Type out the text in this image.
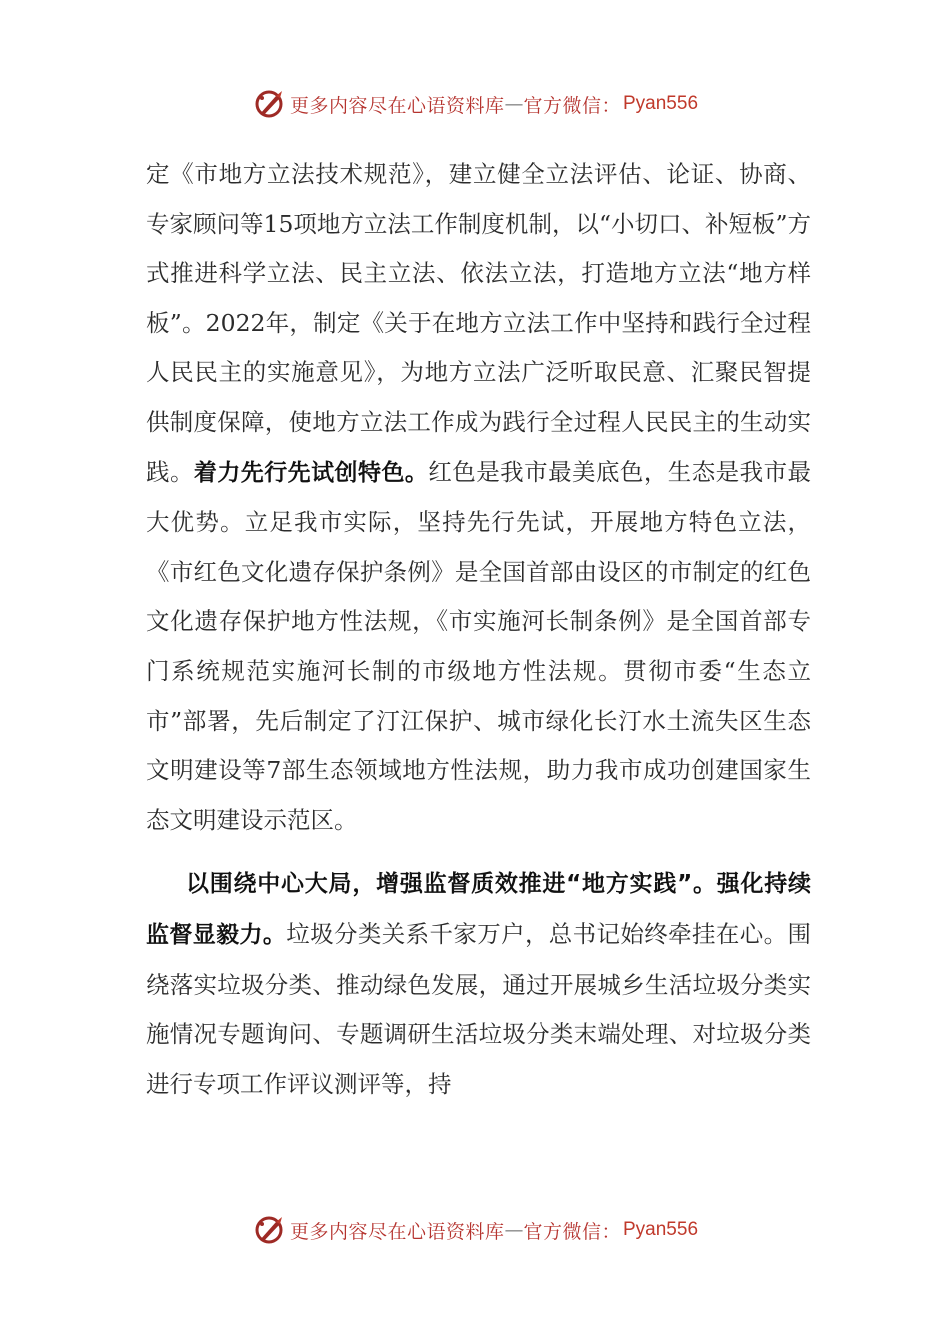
更多内容尽在心语资料库 — 官方微信： Pyan556

定《市地方立法技术规范》，建立健全立法评估、论证、协商、专家顾问等15项地方立法工作制度机制，以“小切口、补短板”方式推进科学立法、民主立法、依法立法，打造地方立法“地方样板”。2022年，制定《关于在地方立法工作中坚持和践行全过程人民民主的实施意见》，为地方立法广泛听取民意、汇聚民智提供制度保障，使地方立法工作成为践行全过程人民民主的生动实践。着力先行先试创特色。红色是我市最美底色，生态是我市最大优势。立足我市实际，坚持先行先试，开展地方特色立法，《市红色文化遗存保护条例》是全国首部由设区的市制定的红色文化遗存保护地方性法规，《市实施河长制条例》是全国首部专门系统规范实施河长制的市级地方性法规。贯彻市委“生态立市”部署，先后制定了汀江保护、城市绿化长汀水土流失区生态文明建设等7部生态领域地方性法规，助力我市成功创建国家生态文明建设示范区。

以围绕中心大局，增强监督质效推进“地方实践”。强化持续监督显毅力。垃圾分类关系千家万户，总书记始终牵挂在心。围绕落实垃圾分类、推动绿色发展，通过开展城乡生活垃圾分类实施情况专题询问、专题调研生活垃圾分类末端处理、对垃圾分类进行专项工作评议测评等，持

更多内容尽在心语资料库 — 官方微信： Pyan556
